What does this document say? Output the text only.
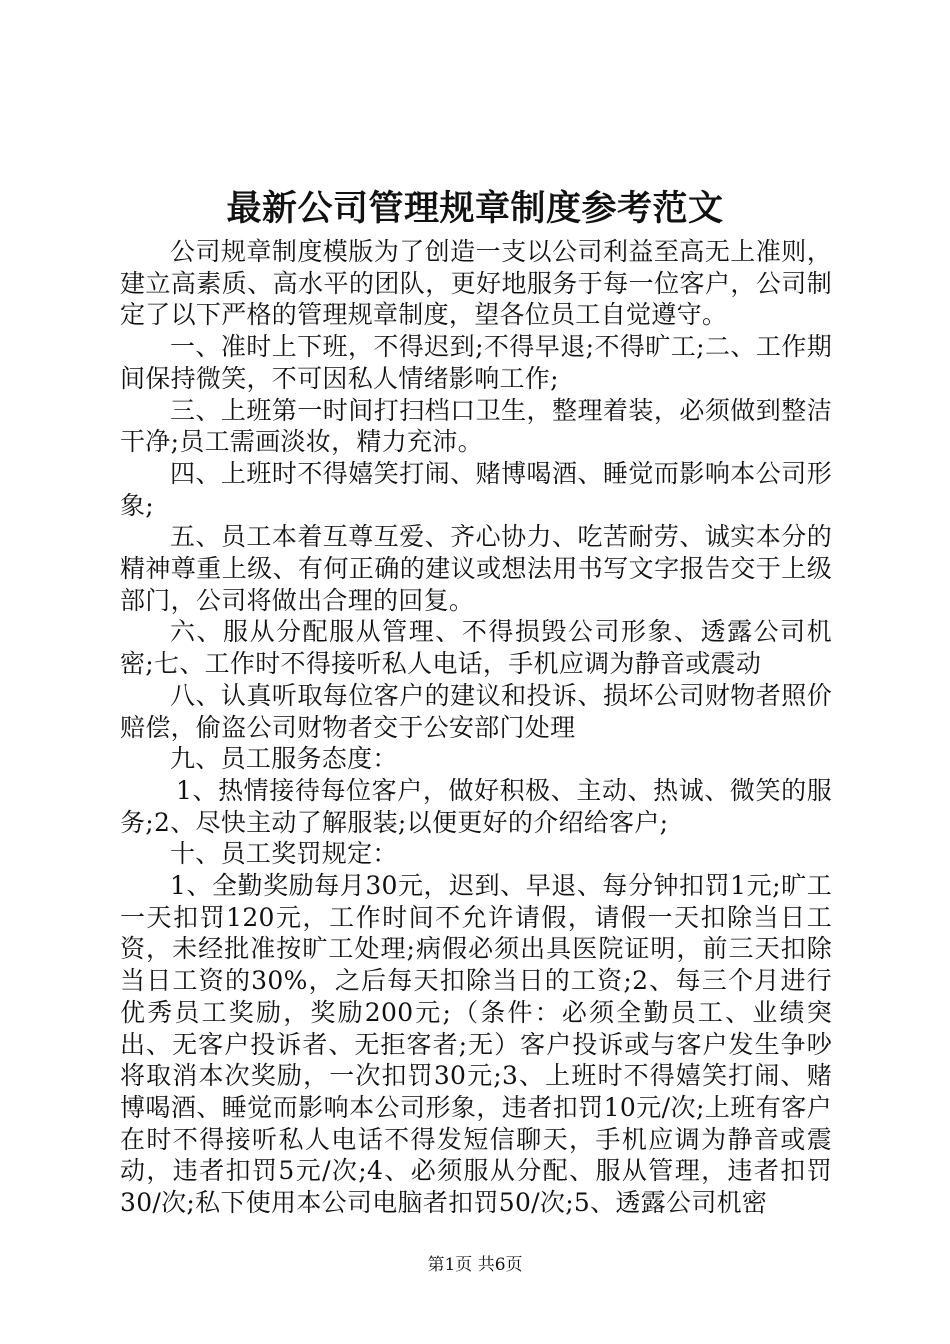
最新公司管理规章制度参考范文

公司规章制度模版为了创造一支以公司利益至高无上准则，建立高素质、高水平的团队，更好地服务于每一位客户，公司制定了以下严格的管理规章制度，望各位员工自觉遵守。

一、准时上下班，不得迟到;不得早退;不得旷工;二、工作期间保持微笑，不可因私人情绪影响工作;

三、上班第一时间打扫档口卫生，整理着装，必须做到整洁干净;员工需画淡妆，精力充沛。

四、上班时不得嬉笑打闹、赌博喝酒、睡觉而影响本公司形象;

五、员工本着互尊互爱、齐心协力、吃苦耐劳、诚实本分的精神尊重上级、有何正确的建议或想法用书写文字报告交于上级部门，公司将做出合理的回复。

六、服从分配服从管理、不得损毁公司形象、透露公司机密;七、工作时不得接听私人电话，手机应调为静音或震动

八、认真听取每位客户的建议和投诉、损坏公司财物者照价赔偿，偷盗公司财物者交于公安部门处理

九、员工服务态度：

1、热情接待每位客户，做好积极、主动、热诚、微笑的服务;2、尽快主动了解服装;以便更好的介绍给客户;

十、员工奖罚规定：

1、全勤奖励每月30元，迟到、早退、每分钟扣罚1元;旷工一天扣罚120元，工作时间不允许请假，请假一天扣除当日工资，未经批准按旷工处理;病假必须出具医院证明，前三天扣除当日工资的30%，之后每天扣除当日的工资;2、每三个月进行优秀员工奖励，奖励200元;（条件：必须全勤员工、业绩突出、无客户投诉者、无拒客者;无）客户投诉或与客户发生争吵将取消本次奖励，一次扣罚30元;3、上班时不得嬉笑打闹、赌博喝酒、睡觉而影响本公司形象，违者扣罚10元/次;上班有客户在时不得接听私人电话不得发短信聊天，手机应调为静音或震动，违者扣罚5元/次;4、必须服从分配、服从管理，违者扣罚30/次;私下使用本公司电脑者扣罚50/次;5、透露公司机密

第1页 共6页
